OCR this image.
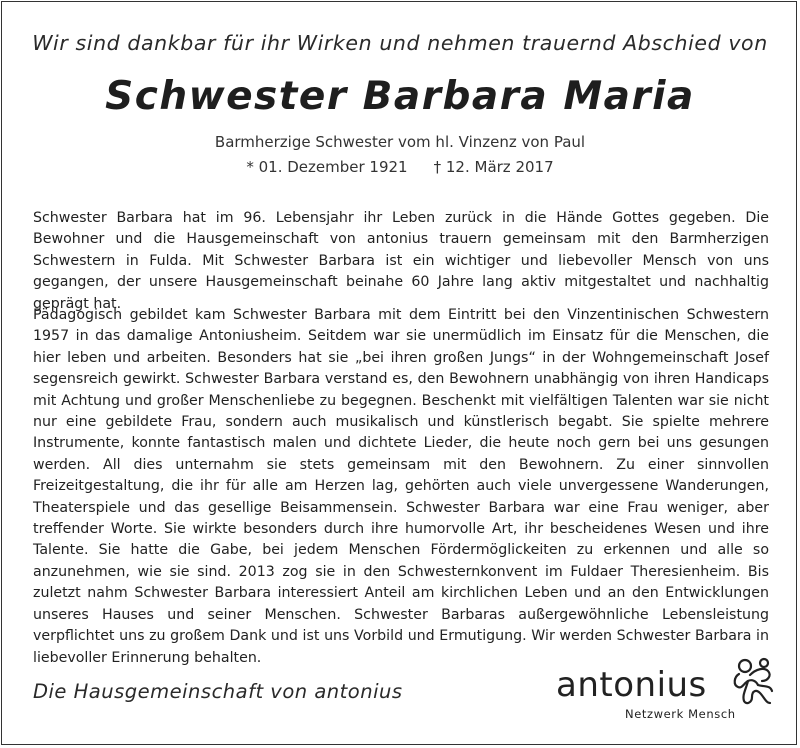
Wir sind dankbar für ihr Wirken und nehmen trauernd Abschied von
Schwester Barbara Maria
Barmherzige Schwester vom hl. Vinzenz von Paul
* 01. Dezember 1921 † 12. März 2017

Schwester Barbara hat im 96. Lebensjahr ihr Leben zurück in die Hände Gottes gegeben. Die Bewohner und die Hausgemeinschaft von antonius trauern gemeinsam mit den Barmherzigen Schwestern in Fulda. Mit Schwester Barbara ist ein wichtiger und liebevoller Mensch von uns gegangen, der unsere Hausgemeinschaft beinahe 60 Jahre lang aktiv mitgestaltet und nachhaltig geprägt hat.

Pädagogisch gebildet kam Schwester Barbara mit dem Eintritt bei den Vinzentinischen Schwestern 1957 in das damalige Antoniusheim. Seitdem war sie unermüdlich im Einsatz für die Menschen, die hier leben und arbeiten. Besonders hat sie „bei ihren großen Jungs“ in der Wohngemeinschaft Josef segensreich gewirkt. Schwester Barbara verstand es, den Bewohnern unabhängig von ihren Handicaps mit Achtung und großer Menschenliebe zu begegnen. Beschenkt mit vielfältigen Talenten war sie nicht nur eine gebildete Frau, sondern auch musikalisch und künstlerisch begabt. Sie spielte mehrere Instrumente, konnte fantastisch malen und dichtete Lieder, die heute noch gern bei uns gesungen werden. All dies unternahm sie stets gemeinsam mit den Bewohnern. Zu einer sinnvollen Freizeitgestaltung, die ihr für alle am Herzen lag, gehörten auch viele unvergessene Wanderungen, Theaterspiele und das gesellige Beisammensein. Schwester Barbara war eine Frau weniger, aber treffender Worte. Sie wirkte besonders durch ihre humorvolle Art, ihr bescheidenes Wesen und ihre Talente. Sie hatte die Gabe, bei jedem Menschen Fördermöglickeiten zu erkennen und alle so anzunehmen, wie sie sind. 2013 zog sie in den Schwesternkonvent im Fuldaer Theresienheim. Bis zuletzt nahm Schwester Barbara interessiert Anteil am kirchlichen Leben und an den Entwicklungen unseres Hauses und seiner Menschen. Schwester Barbaras außergewöhnliche Lebensleistung verpflichtet uns zu großem Dank und ist uns Vorbild und Ermutigung. Wir werden Schwester Barbara in liebevoller Erinnerung behalten.

Die Hausgemeinschaft von antonius	antonius
Netzwerk Mensch
